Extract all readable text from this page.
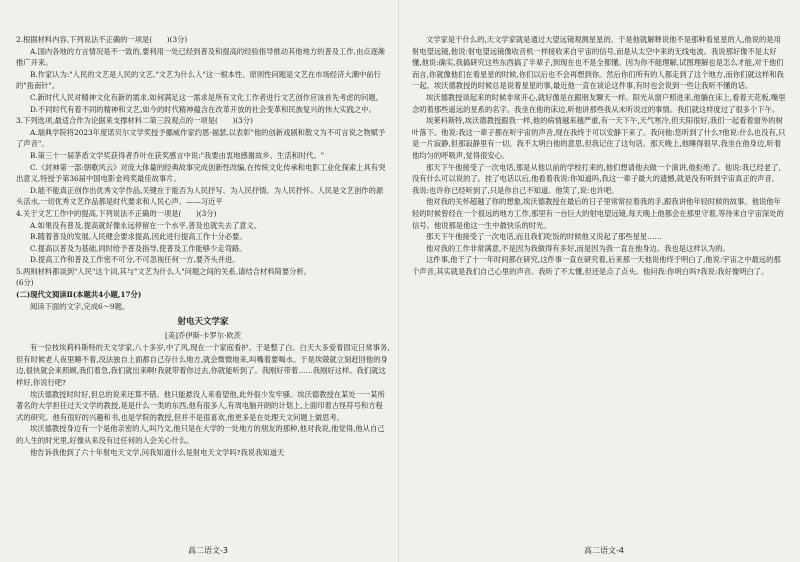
2.根据材料内容,下列说法不正确的一项是(　　)(3分)

A.国内各地的方言情况是不一致的,要利用一处已经到普及和提高的经验指导推动其他地方的普及工作,由点逐渐推广开来。

B.作家认为:"人民的文艺是人民的文艺,"文艺为什么人"这一根本性、原则性问题是文艺在市场经济大潮中前行的"指南针"。

C.新时代人民对精神文化有新的需求,如何满足这一需求是所有文化工作者进行文艺创作应该首先考虑的问题。

D.不同时代有着不同的精神和文艺,如今的时代精神蕴含在改革开放的社会变革和民族复兴的伟大实践之中。

3.下列选项,最适合作为论据来支撑材料二第三段观点的一项是(　　)(3分)

A.瑞典学院将2023年度诺贝尔文学奖授予挪威作家约恩·福瑟,以表彰"他的创新戏剧和散文为不可言说之物赋予了声音"。

B.第三十一届茅盾文学奖获得者乔叶在获奖感言中说:"我要由衷地感谢故乡、生活和时代。"

C.《封神第一部:朝歌风云》对庞大体量的经典故事完成创新性改编,在传统文化传承和电影工业化探索上具有突出意义,特授予第36届中国电影金鸡奖最佳故事片。

D.能不能真正创作出优秀文学作品,关键在于能否为人民抒写、为人民抒情、为人民抒怀。人民是文艺创作的源头活水,一切优秀文艺作品都是时代要求和人民心声。——习近平

4.关于文艺工作中的提高,下列说法不正确的一项是(　　)(3分)

A.如果没有普及,提高就好像永远停留在一个水平,普及也就失去了意义。

B.随着普及的发展,人民健会要求提高,因此进行提高工作十分必要。

C.提高以普及为基础,同时给予普及指导,使普及工作能够少走弯路。

D.提高工作和普及工作密不可分,不可忽视任何一方,要齐头并进。

5.两则材料都谈到"人民"这个词,其与"文艺为什么人"问题之间的关系,请结合材料简要分析。

(6分)

(二)现代文阅读Ⅱ(本题共4小题,17分)

阅读下面的文字,完成6～9题。

射电天文学家

[美]乔伊斯·卡罗尔·欧茨

有一位枝埃莉科斯特的天文学家,八十多岁,中了风,现在一个家庭看护。于是整了白。白天大多爱着固定日常事务,但有时候老人夜里睡不着,没法独自上面都自己存什么地方,就会微微地来,叫嘴着要喝水。于是埃兢就立刻赶回他的身边,很快就会来照顾,我们着急,我们就出来啊!我就带着你过去,你就能听到了。我刚好带着……我刚好这样。我们就这样好,你说行吧?

埃沃德教授时时好,但总的说来还算不错。他只能悬没人来看望他,此外很少发牢骚。埃沃德教授在某处一一某所著名的大学担任过天文学的教授,是是什么一类的东西,他有很多人,有周电脑开朗的计划上,上面印着古怪符号和方程式的研究。他有很好的兴趣和书,也是学院的教授,但并不是很喜欢,他更多是在处理天文问题上做思考。

埃沃德教授身边有一个是他亲密的人,叫乃文,他只是在大学的一处地方的朋友的那种,他对我说,他觉得,他从自己的人生的时光里,好像从来没有过任何的人会关心什么。

他告诉我他到了六十年射电天文学,问我知道什么是射电天文学吗?我说我知道天

高二语文-3

文学家是干什么的,天文学家就是通过大望远镜观测星星的。于是他就解释说他不是那种看星星的人,他说的是用射电望远镜,他说:射电望远镜像收音机一样接收来自宇宙的信号,而是从太空中来的无线电波。我说那好像不是太好懂,他说:确实,我搞研究这些东西搞了半辈子,到现在也不是全都懂。因为你不能理解,试图理解也是怎么才能,对于他们而言,你就像他们在看星星的时候,你们以后也不会再想到你。然后你们所有的人都走到了这个地方,而你们就这样和我一起。埃沃德教授的时候总是说着星星的事,最近他一直在谈论这件事,有时也会说到一些让我听不懂的话。

埃沃德教授谈起来的时候非常开心,就好像是在跟朋友聊天一样。阳光从窗户照进来,他躺在床上,看着天花板,嘴里念叨着那些遥远的星系的名字。我坐在他的床边,听他讲那些我从未听说过的事情。我们就这样度过了很多个下午。

埃莱科斯特,埃沃德教授跟我一样,他的病情越来越严重,有一天下午,天气寒冷,但天阳很好,我们一起看着窗外的树叶落下。他说:我这一辈子都在听宇宙的声音,现在我终于可以安静下来了。我问他:您听到了什么?他说:什么也没有,只是一片寂静,但那寂静里有一切。我不太明白他的意思,但我记住了这句话。那天晚上,他睡得很早,我坐在他身边,听着他均匀的呼吸声,觉得很安心。

那天下午他接受了一次电话,那是从他以前的学校打来的,他们想请他去做一个演讲,他拒绝了。他说:我已经老了,没有什么可以说的了。挂了电话以后,他看着我说:你知道吗,我这一辈子最大的遗憾,就是没有听到宇宙真正的声音。我说:也许你已经听到了,只是你自己不知道。他笑了,说:也许吧。

他对我的关怀超越了你的想象,埃沃德教授在最后的日子里常常拉着我的手,跟我讲他年轻时候的故事。他说他年轻的时候曾经在一个很远的地方工作,那里有一台巨大的射电望远镜,每天晚上他都会在那里守着,等待来自宇宙深处的信号。他说那是他这一生中最快乐的时光。

那天下午他接受了一次电话,而且我们吃饭的时候他又说起了那些星星……

他对我的工作非常满意,不是因为我做得有多好,而是因为我一直在他身边。我也是这样认为的。

这件事,他干了十一年时间都在研究,这件事一直在研究着,后来那一天他说他终于明白了,他说:宇宙之中最远的那个声音,其实就是我们自己心里的声音。我听了不太懂,但还是点了点头。他问我:你明白吗?我说:我好像明白了。

高二语文-4
